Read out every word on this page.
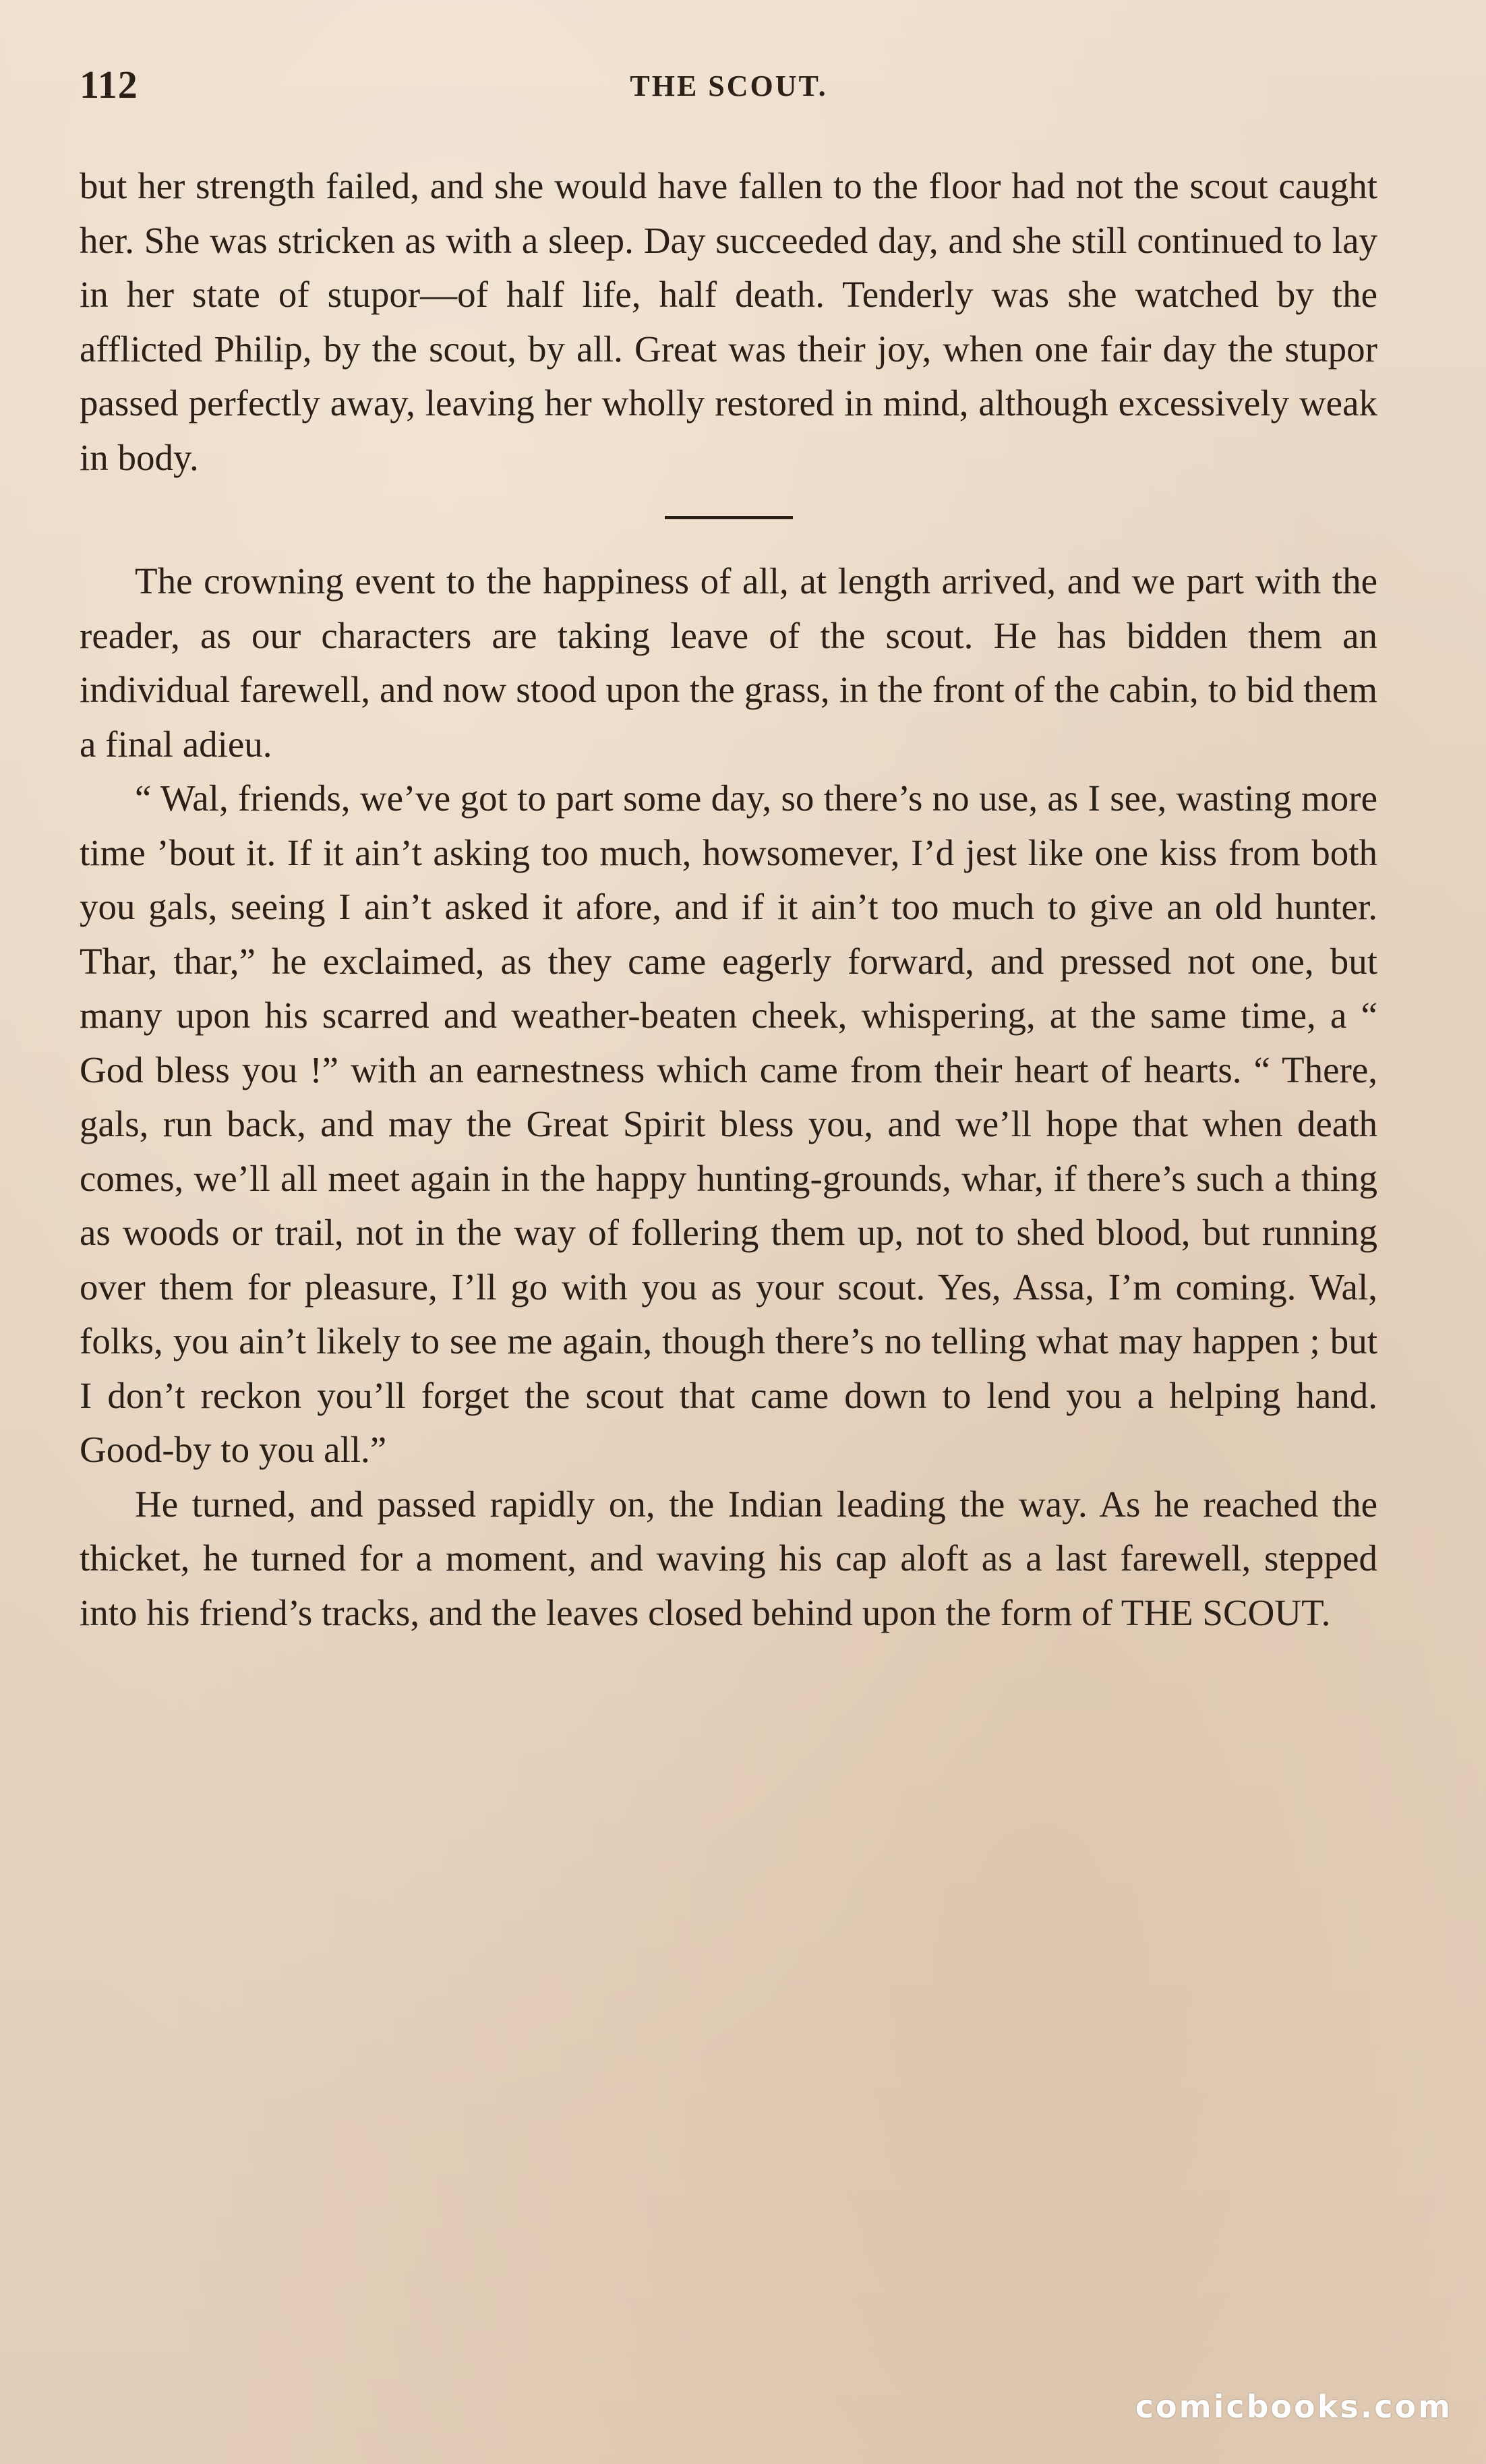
112	THE SCOUT.

but her strength failed, and she would have fallen to the floor had not the scout caught her. She was stricken as with a sleep. Day succeeded day, and she still continued to lay in her state of stupor—of half life, half death. Tenderly was she watched by the afflicted Philip, by the scout, by all. Great was their joy, when one fair day the stupor passed perfectly away, leaving her wholly restored in mind, although excessively weak in body.

The crowning event to the happiness of all, at length arrived, and we part with the reader, as our characters are taking leave of the scout. He has bidden them an individual farewell, and now stood upon the grass, in the front of the cabin, to bid them a final adieu.

“ Wal, friends, we’ve got to part some day, so there’s no use, as I see, wasting more time ’bout it. If it ain’t asking too much, howsomever, I’d jest like one kiss from both you gals, seeing I ain’t asked it afore, and if it ain’t too much to give an old hunter. Thar, thar,” he exclaimed, as they came eagerly forward, and pressed not one, but many upon his scarred and weather-beaten cheek, whispering, at the same time, a “ God bless you !” with an earnestness which came from their heart of hearts. “ There, gals, run back, and may the Great Spirit bless you, and we’ll hope that when death comes, we’ll all meet again in the happy hunting-grounds, whar, if there’s such a thing as woods or trail, not in the way of follering them up, not to shed blood, but running over them for pleasure, I’ll go with you as your scout. Yes, Assa, I’m coming. Wal, folks, you ain’t likely to see me again, though there’s no telling what may happen ; but I don’t reckon you’ll forget the scout that came down to lend you a helping hand. Good-by to you all.”

He turned, and passed rapidly on, the Indian leading the way. As he reached the thicket, he turned for a moment, and waving his cap aloft as a last farewell, stepped into his friend’s tracks, and the leaves closed behind upon the form of THE SCOUT.

comicbooks.com
